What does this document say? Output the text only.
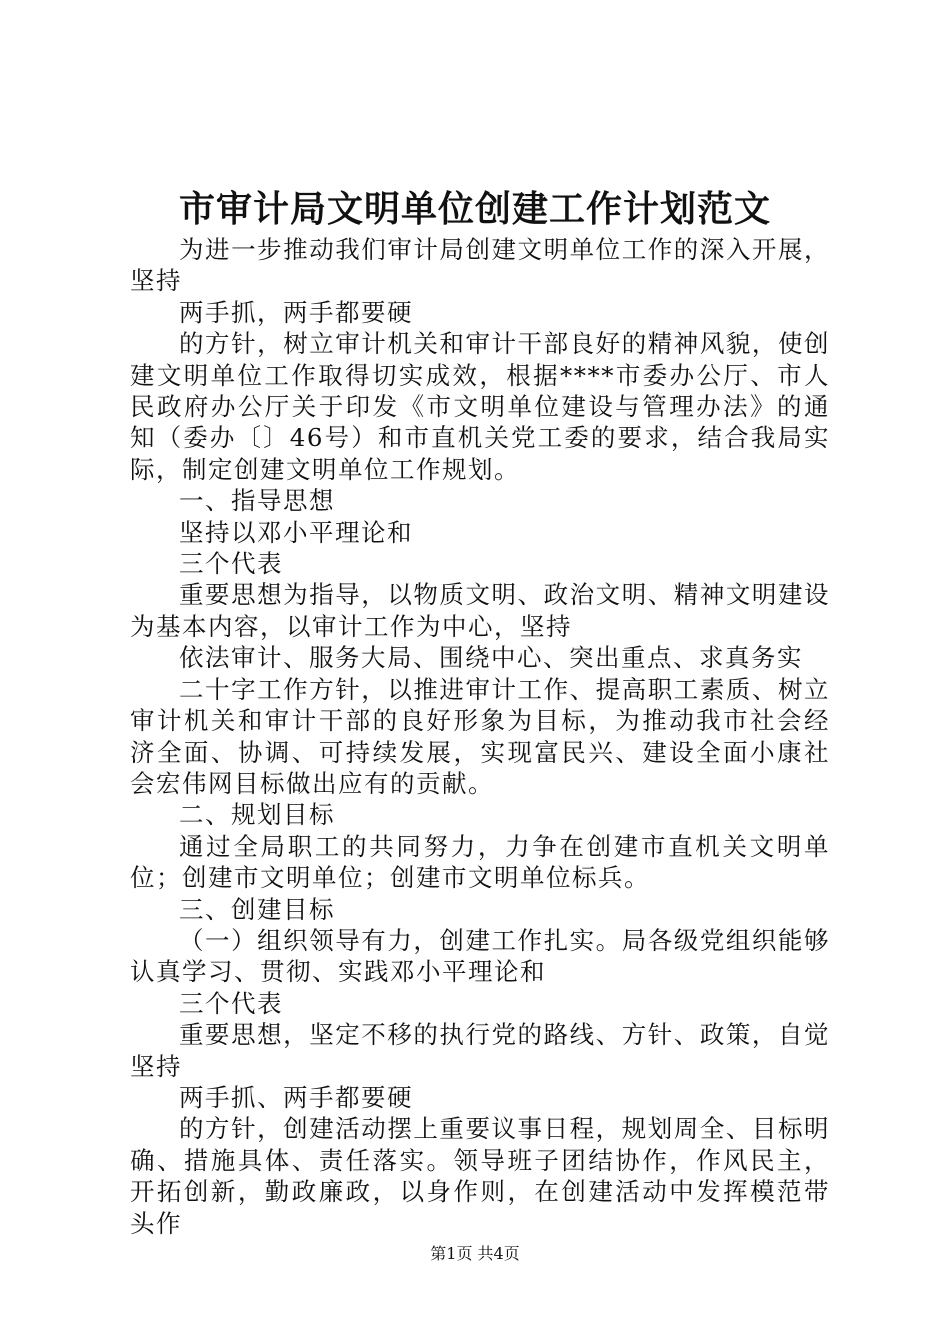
市审计局文明单位创建工作计划范文

为进一步推动我们审计局创建文明单位工作的深入开展，坚持

两手抓，两手都要硬

的方针，树立审计机关和审计干部良好的精神风貌，使创建文明单位工作取得切实成效，根据****市委办公厅、市人民政府办公厅关于印发《市文明单位建设与管理办法》的通知（委办〔〕46号）和市直机关党工委的要求，结合我局实际，制定创建文明单位工作规划。

一、指导思想

坚持以邓小平理论和

三个代表

重要思想为指导，以物质文明、政治文明、精神文明建设为基本内容，以审计工作为中心，坚持

依法审计、服务大局、围绕中心、突出重点、求真务实

二十字工作方针，以推进审计工作、提高职工素质、树立审计机关和审计干部的良好形象为目标，为推动我市社会经济全面、协调、可持续发展，实现富民兴、建设全面小康社会宏伟网目标做出应有的贡献。

二、规划目标

通过全局职工的共同努力，力争在创建市直机关文明单位；创建市文明单位；创建市文明单位标兵。

三、创建目标

（一）组织领导有力，创建工作扎实。局各级党组织能够认真学习、贯彻、实践邓小平理论和

三个代表

重要思想，坚定不移的执行党的路线、方针、政策，自觉坚持

两手抓、两手都要硬

的方针，创建活动摆上重要议事日程，规划周全、目标明确、措施具体、责任落实。领导班子团结协作，作风民主，开拓创新，勤政廉政，以身作则，在创建活动中发挥模范带头作

第1页 共4页
